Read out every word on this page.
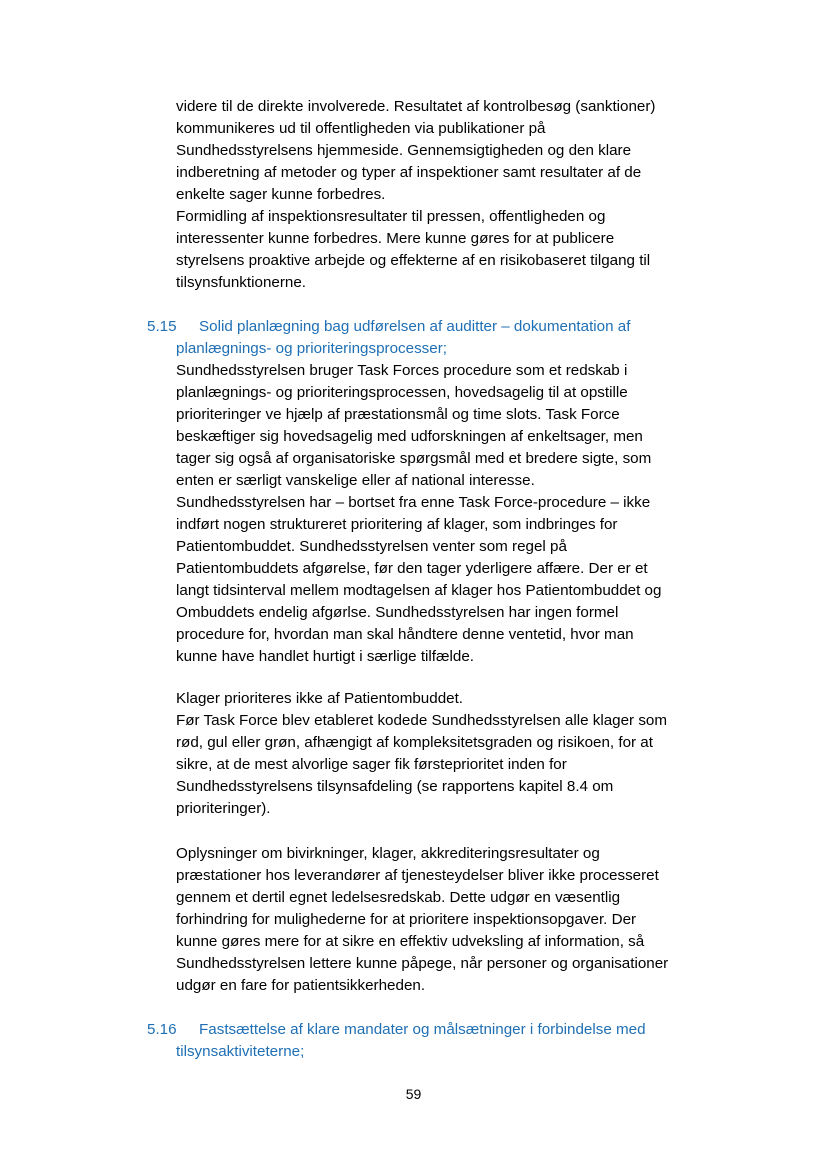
videre til de direkte involverede. Resultatet af kontrolbesøg (sanktioner)
kommunikeres ud til offentligheden via publikationer på
Sundhedsstyrelsens hjemmeside. Gennemsigtigheden og den klare
indberetning af metoder og typer af inspektioner samt resultater af de
enkelte sager kunne forbedres.
Formidling af inspektionsresultater til pressen, offentligheden og
interessenter kunne forbedres. Mere kunne gøres for at publicere
styrelsens proaktive arbejde og effekterne af en risikobaseret tilgang til
tilsynsfunktionerne.
5.15 Solid planlægning bag udførelsen af auditter – dokumentation af
planlægnings- og prioriteringsprocesser;
Sundhedsstyrelsen bruger Task Forces procedure som et redskab i
planlægnings- og prioriteringsprocessen, hovedsagelig til at opstille
prioriteringer ve hjælp af præstationsmål og time slots. Task Force
beskæftiger sig hovedsagelig med udforskningen af enkeltsager, men
tager sig også af organisatoriske spørgsmål med et bredere sigte, som
enten er særligt vanskelige eller af national interesse.
Sundhedsstyrelsen har – bortset fra enne Task Force-procedure – ikke
indført nogen struktureret prioritering af klager, som indbringes for
Patientombuddet. Sundhedsstyrelsen venter som regel på
Patientombuddets afgørelse, før den tager yderligere affære. Der er et
langt tidsinterval mellem modtagelsen af klager hos Patientombuddet og
Ombuddets endelig afgørlse. Sundhedsstyrelsen har ingen formel
procedure for, hvordan man skal håndtere denne ventetid, hvor man
kunne have handlet hurtigt i særlige tilfælde.
Klager prioriteres ikke af Patientombuddet.
Før Task Force blev etableret kodede Sundhedsstyrelsen alle klager som
rød, gul eller grøn, afhængigt af kompleksitetsgraden og risikoen, for at
sikre, at de mest alvorlige sager fik førsteprioritet inden for
Sundhedsstyrelsens tilsynsafdeling (se rapportens kapitel 8.4 om
prioriteringer).
Oplysninger om bivirkninger, klager, akkrediteringsresultater og
præstationer hos leverandører af tjenesteydelser bliver ikke processeret
gennem et dertil egnet ledelsesredskab. Dette udgør en væsentlig
forhindring for mulighederne for at prioritere inspektionsopgaver. Der
kunne gøres mere for at sikre en effektiv udveksling af information, så
Sundhedsstyrelsen lettere kunne påpege, når personer og organisationer
udgør en fare for patientsikkerheden.
5.16 Fastsættelse af klare mandater og målsætninger i forbindelse med
tilsynsaktiviteterne;
59
